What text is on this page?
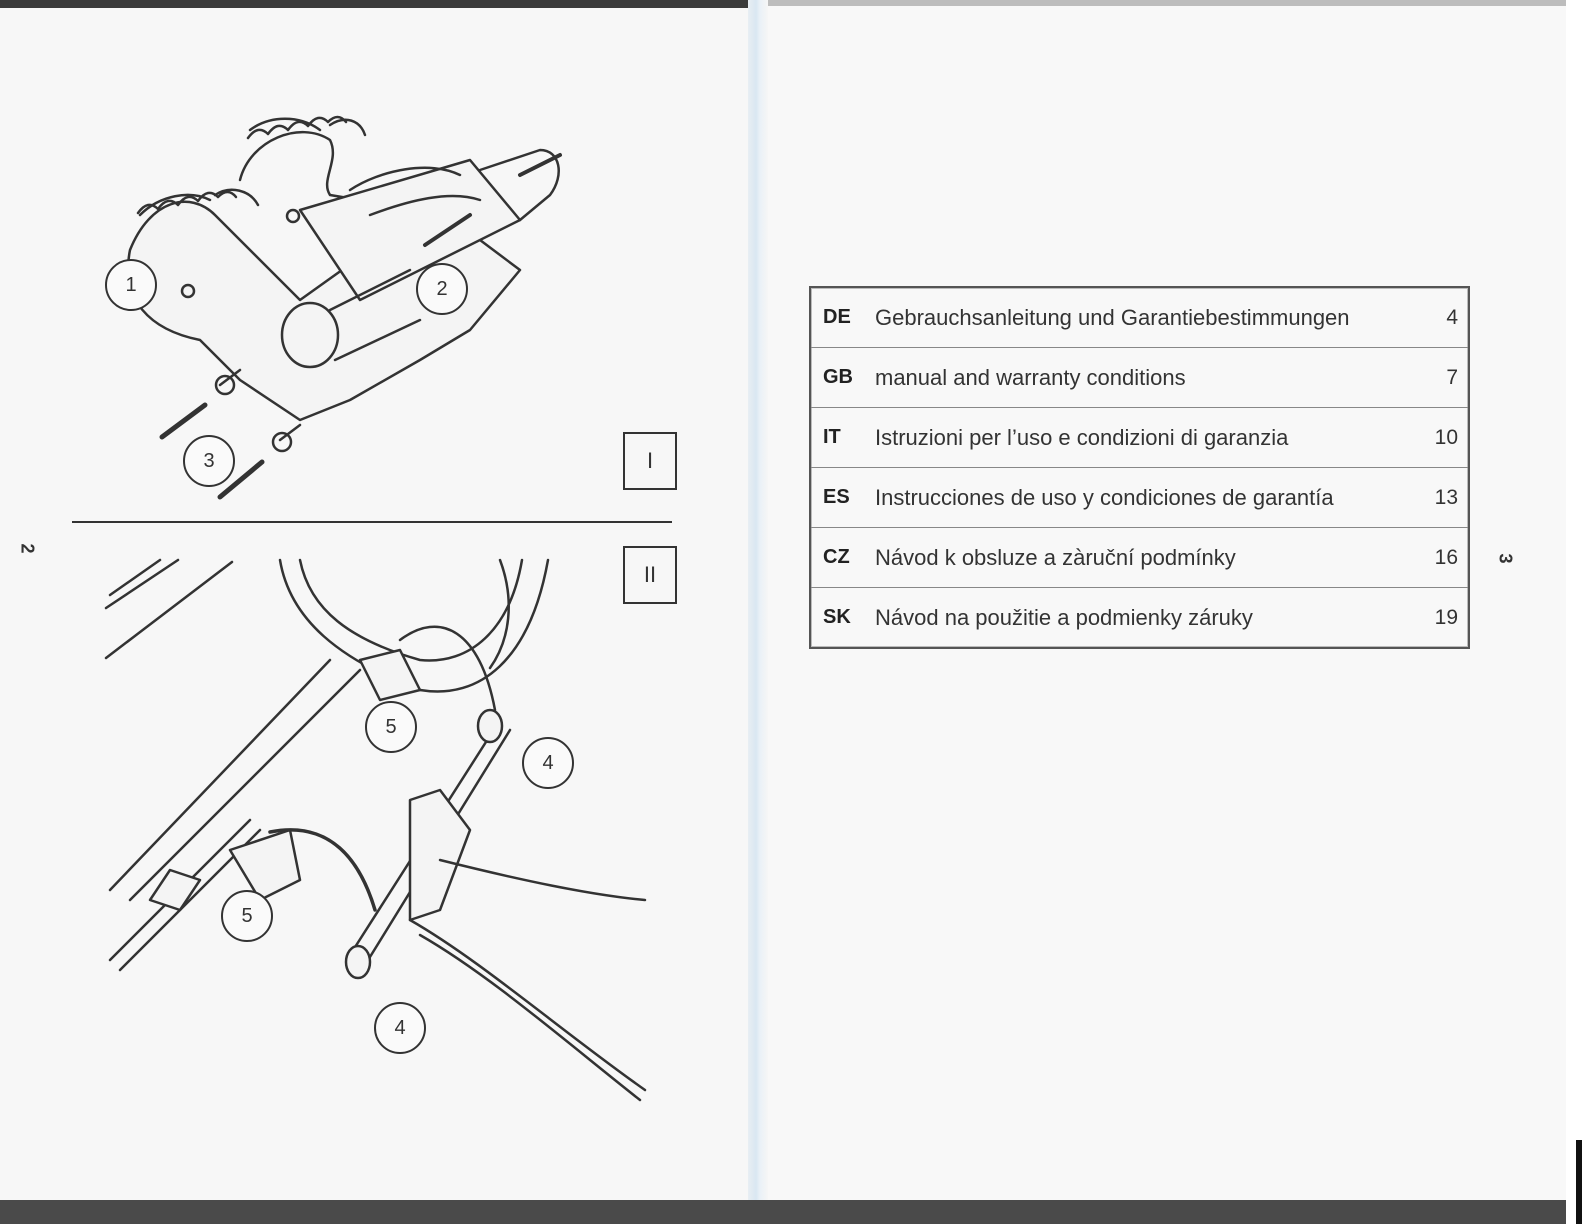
I
II
1	2
3
5
4
5
4
2
3
DE	Gebrauchsanleitung und Garantiebestimmungen	4
GB	manual and warranty conditions	7
IT	Istruzioni per l’uso e condizioni di garanzia	10
ES	Instrucciones de uso y condiciones de garantía	13
CZ	Návod k obsluze a zàruční podmínky	16
SK	Návod na použitie a podmienky záruky	19
